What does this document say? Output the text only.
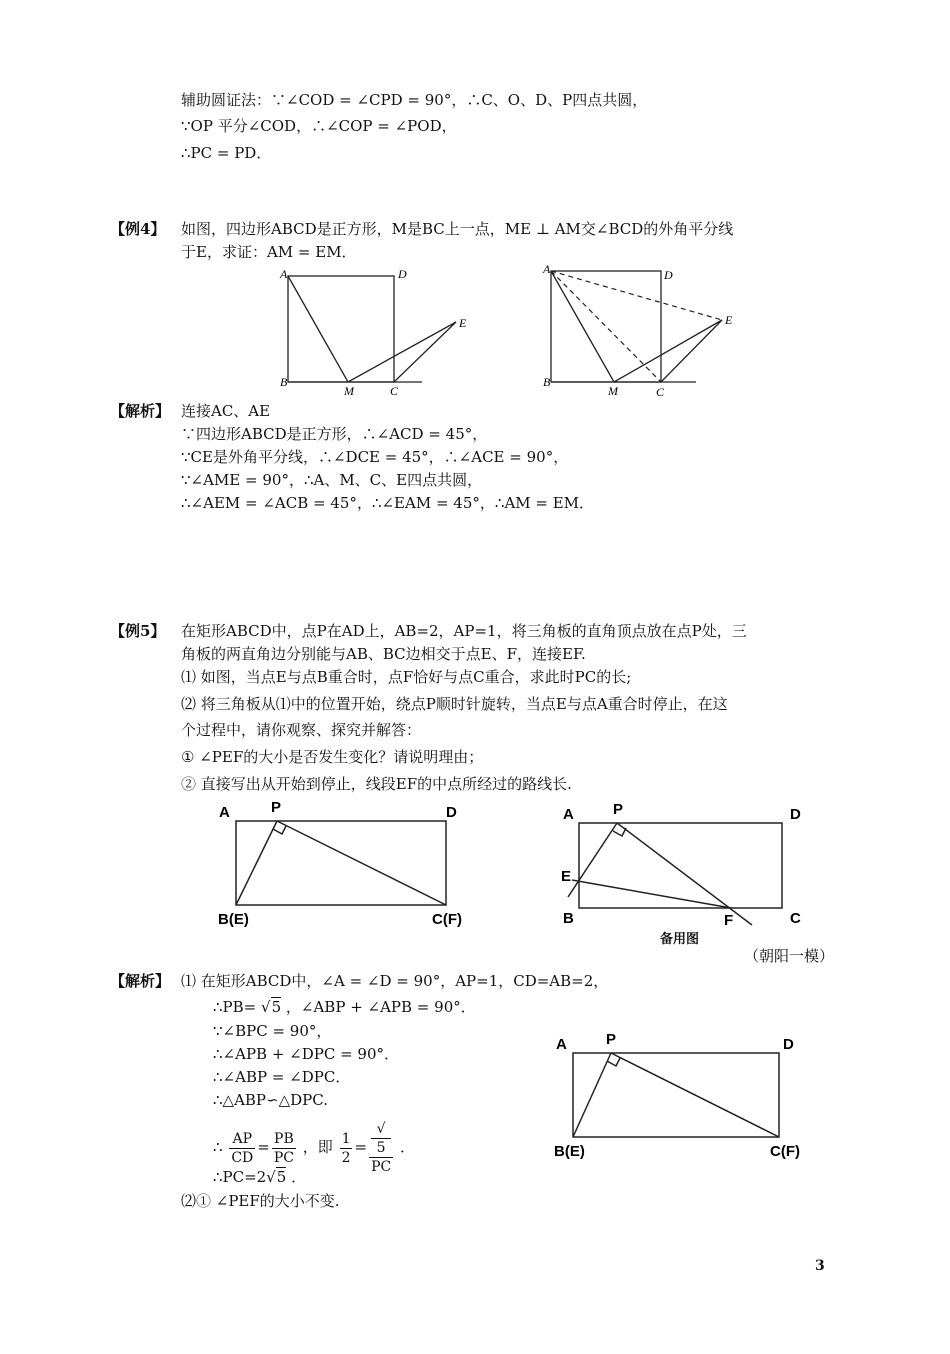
辅助圆证法：∵∠COD = ∠CPD = 90°，∴C、O、D、P四点共圆，
∵OP 平分∠COD，∴∠COP = ∠POD，
∴PC = PD．
【例4】 如图，四边形ABCD是正方形，M是BC上一点，ME ⊥ AM交∠BCD的外角平分线
于E，求证：AM = EM．
A	D
B
M	C
E
A	D
B
M	C
E
【解析】 连接AC、AE
∵四边形ABCD是正方形，∴∠ACD = 45°，
∵CE是外角平分线，∴∠DCE = 45°，∴∠ACE = 90°，
∵∠AME = 90°，∴A、M、C、E四点共圆，
∴∠AEM = ∠ACB = 45°，∴∠EAM = 45°，∴AM = EM．
【例5】 在矩形ABCD中，点P在AD上，AB=2，AP=1，将三角板的直角顶点放在点P处，三
角板的两直角边分别能与AB、BC边相交于点E、F，连接EF.
⑴ 如图，当点E与点B重合时，点F恰好与点C重合，求此时PC的长;
⑵ 将三角板从⑴中的位置开始，绕点P顺时针旋转，当点E与点A重合时停止，在这
个过程中，请你观察、探究并解答：
① ∠PEF的大小是否发生变化？请说明理由；
② 直接写出从开始到停止，线段EF的中点所经过的路线长.
A	P	D
B(E)	C(F)
A	P	D
E
B	F	C
备用图
（朝阳一模）
【解析】 ⑴ 在矩形ABCD中，∠A = ∠D = 90°，AP=1，CD=AB=2，
∴PB= √5 ，∠ABP + ∠APB = 90°．
∵∠BPC = 90°，
∴∠APB + ∠DPC = 90°．
∴∠ABP = ∠DPC．
∴△ABP∽△DPC.
∴ $\frac{AP}{CD} = \frac{PB}{PC}$ ，即 $\frac{1}{2}$ = √
5
PC ．
∴PC=2√5 ．
⑵① ∠PEF的大小不变.
A	P	D
B(E)	C(F)
3
